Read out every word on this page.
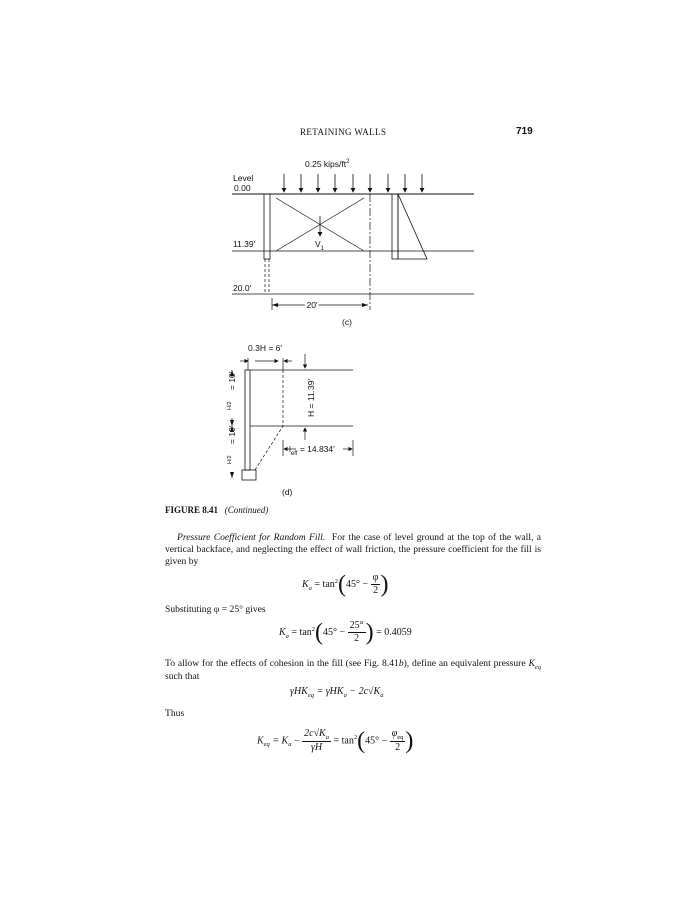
RETAINING WALLS	719
0.25 kips/$ft^2$
Level
0.00
11.39′
20.0′
$V_1$
20′
(c)
0.3H = 6′
H = 11.39′
= 10′
H/2
= 10′
H/2
$l_{eff} = 14.834'$
(d)
FIGURE 8.41 (Continued)
Pressure Coefficient for Random Fill. For the case of level ground at the top of the wall, a vertical backface, and neglecting the effect of wall friction, the pressure coefficient for the fill is given by
$K_a = \tan^2(45^\circ - \frac{\varphi}{2}$ )
Substituting φ = 25° gives
$K_a = \tan^2(45^\circ - \frac{25^\circ}{2}$ ) = 0.4059
To allow for the effects of cohesion in the fill (see Fig. 8.41b), define an equivalent pressure $K_{eq}$ such that
$\gamma HK_{eq} = \gamma HK_a - 2c√K_a$
Thus
$K_{eq} = K_a - \frac{2c√K_a}{\gamma H} = \tan^2(45^\circ - \frac{\varphi_{eq}}{2}$ )
